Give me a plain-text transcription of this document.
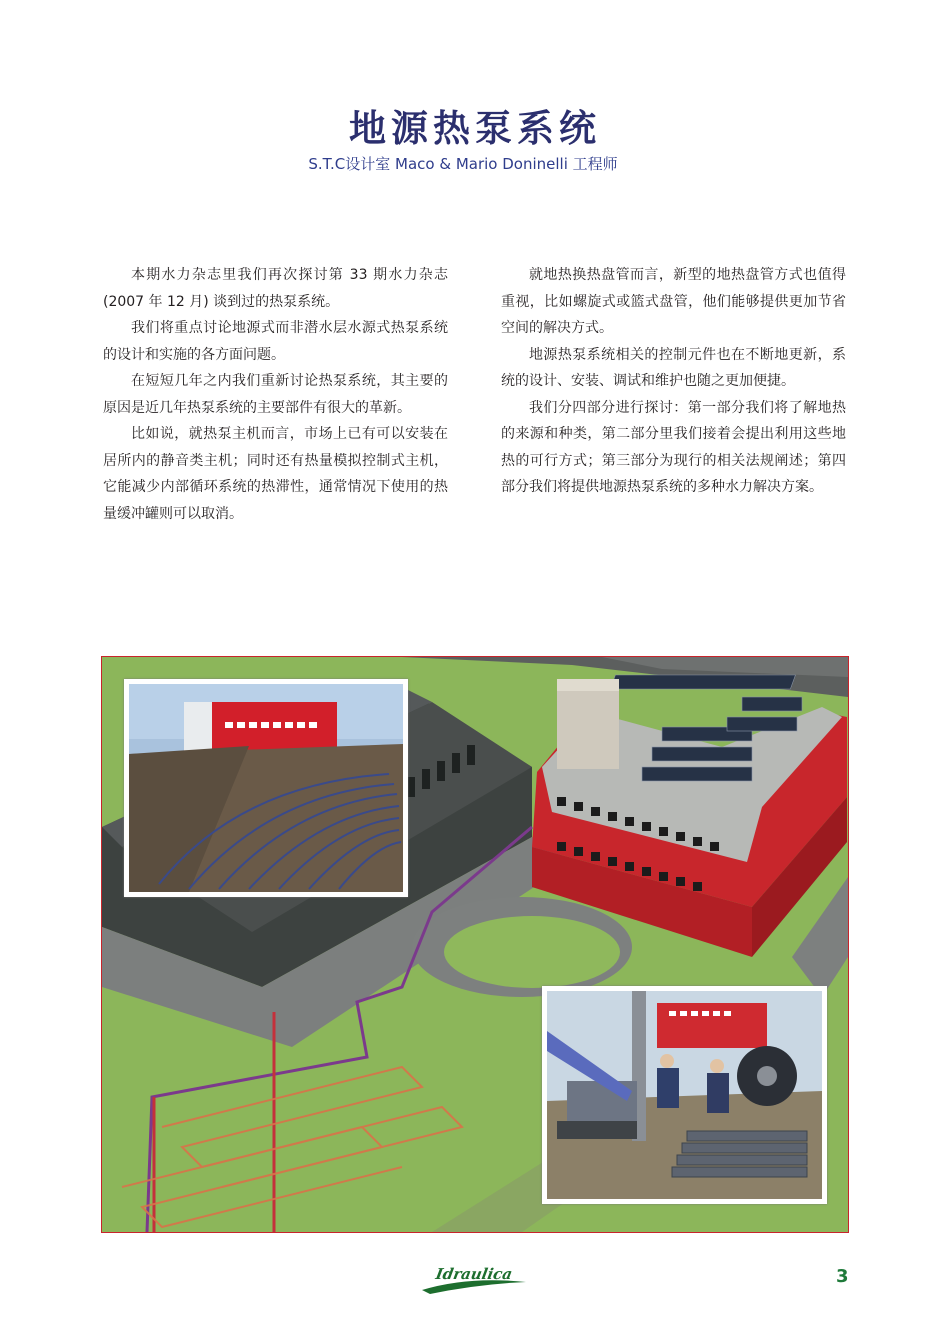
地源热泵系统
S.T.C设计室 Maco & Mario Doninelli 工程师

本期水力杂志里我们再次探讨第 33 期水力杂志(2007 年 12 月) 谈到过的热泵系统。

我们将重点讨论地源式而非潜水层水源式热泵系统的设计和实施的各方面问题。

在短短几年之内我们重新讨论热泵系统，其主要的原因是近几年热泵系统的主要部件有很大的革新。

比如说，就热泵主机而言，市场上已有可以安装在居所内的静音类主机；同时还有热量模拟控制式主机，它能减少内部循环系统的热滞性，通常情况下使用的热量缓冲罐则可以取消。

就地热换热盘管而言，新型的地热盘管方式也值得重视，比如螺旋式或篮式盘管，他们能够提供更加节省空间的解决方式。

地源热泵系统相关的控制元件也在不断地更新，系统的设计、安装、调试和维护也随之更加便捷。

我们分四部分进行探讨：第一部分我们将了解地热的来源和种类，第二部分里我们接着会提出利用这些地热的可行方式；第三部分为现行的相关法规阐述；第四部分我们将提供地源热泵系统的多种水力解决方案。

Idraulica	3
